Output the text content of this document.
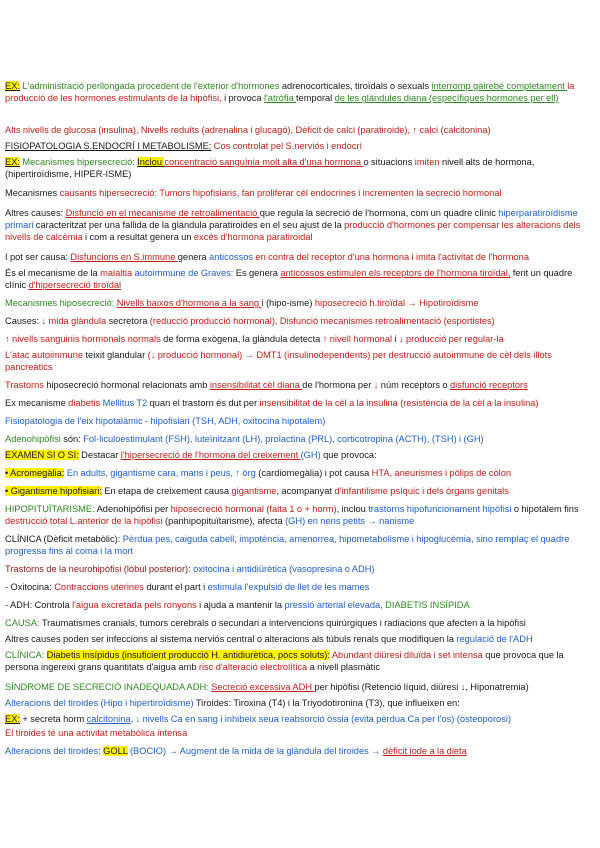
EX: L'administració perllongada procedent de l'exterior d'hormones adrenocorticales, tiroïdals o sexuals interromp gairebé completament la producció de les hormones estimulants de la hipòfisi, i provoca l'atròfia temporal de les glàndules diana (específiques hormones per ell)

Alts nivells de glucosa (insulina), Nivells reduïts (adrenalina i glucagó), Dèficit de calci (paratiroide), ↑ calci (calcitonina)

FISIOPATOLOGIA S.ENDOCRÍ I METABOLISME: Cos controlat pel S.nerviós i endocrí

EX: Mecanismes hipersecreció: Inclou concentració sanguínia molt alta d'una hormona o situacions imiten nivell alts de hormona, (hipertiroïdisme, HIPER-ISME)

Mecanismes causants hipersecreció: Tumors hipofisiaris, fan proliferar cèl endocrines i incrementen la secreció hormonal

Altres causes: Disfunció en el mecanisme de retroalimentació que regula la secreció de l'hormona, com un quadre clínic hiperparatiroïdisme primari caracteritzat per una fallida de la glàndula paratiroides en el seu ajust de la producció d'hormones per compensar les alteracions dels nivells de calcèmia i com a resultat genera un excés d'hormona paratiroidal

I pot ser causa: Disfuncions en S.immune genera anticossos en contra del receptor d'una hormona i imita l'activitat de l'hormona

És el mecanisme de la malaltia autoimmune de Graves: Es genera anticossos estimulen els receptors de l'hormona tiroïdal, fent un quadre clínic d'hipersecreció tiroïdal

Mecanismes hiposecreció: Nivells baixos d'hormona a la sang i (hipo-isme) hiposecreció h.tiroïdal → Hipotiroïdisme

Causes: ↓ mida glàndula secretora (reducció producció hormonal), Disfunció mecanismes retroalimentació (esportistes)

↑ nivells sanguinis hormonals normals de forma exògena, la glàndula detecta ↑ nivell hormonal i ↓ producció per regular-la

L'atac autoimmune teixit glandular (↓ producció hormonal) → DMT1 (insulinodependents) per destrucció autoimmune de cèl dels illots pancreàtics

Trastorns hiposecreció hormonal relacionats amb insensibilitat cèl diana de l'hormona per ↓ núm receptors o disfunció receptors

Ex mecanisme diabetis Mellitus T2 quan el trastorn és dut per insensibilitat de la cèl a la insulina (resistència de la cèl a la insulina)

Fisiopatologia de l'eix hipotalàmic - hipofisiari (TSH, ADH, oxitocina hipotalem)

Adenohipòfisi són: Fol·liculoestimulant (FSH), luteïnitzant (LH), prolactina (PRL), corticotropina (ACTH), (TSH) i (GH)

EXAMEN SI O SI: Destacar l'hipersecreció de l'hormona del creixement (GH) que provoca:

• Acromegàlia: En adults, gigantisme cara, mans i peus, ↑ òrg (cardiomegàlia) i pot causa HTA, aneurismes i pòlips de còlon

• Gigantisme hipofisiari: En etapa de creixement causa gigantisme, acompanyat d'infantilisme psíquic i dels òrgans genitals

HIPOPITUÏTARISME: Adenohipòfisi per hiposecreció hormonal (falta 1 o + horm), inclou trastorns hipofuncionament hipòfisi o hipotàlem fins destrucció total L.anterior de la hipòfisi (panhipopituïtarisme), afecta (GH) en nens petits → nanisme

CLÍNICA (Dèficit metabòlic): Pèrdua pes, caiguda cabell, impotència, amenorrea, hipometabolisme i hipoglucèmia, sino remplaç el quadre progressa fins al coma i la mort

Trastorns de la neurohipòfisi (lòbul posterior): oxitocina i antidiürètica (vasopresina o ADH)

- Oxitocina: Contraccions uterines durant el part i estimula l'expulsió de llet de les mames

- ADH: Controla l'aigua excretada pels ronyons i ajuda a mantenir la pressió arterial elevada, DIABETIS INSÍPIDA

CAUSA: Traumatismes cranials, tumors cerebrals o secundari a intervencions quirúrgiques i radiacions que afecten a la hipòfisi

Altres causes poden ser infeccions al sistema nerviós central o alteracions als túbuls renals que modifiquen la regulació de l'ADH

CLÍNICA: Diabetis insípidus (insuficient producció H. antidiurètica, pocs soluts): Abundant diüresi diluïda i set intensa que provoca que la persona ingereixi grans quantitats d'aigua amb risc d'alteració electrolítica a nivell plasmàtic

SÍNDROME DE SECRECIÓ INADEQUADA ADH: Secreció excessiva ADH per hipòfisi (Retenció líquid, diüresi ↓, Hiponatremia)

Alteracions del tiroides (Hipo i hipertiroïdisme) Tiroides: Tiroxina (T4) i la Triyodotironina (T3), que influeixen en:

EX: + secreta horm calcitonina, ↓ nivells Ca en sang i inhibeix seua reabsorció òssia (evita pèrdua Ca per l'os) (osteoporosi)

El tiroides té una activitat metabòlica intensa

Alteracions del tiroides: GOLL (BOCIO) → Augment de la mida de la glàndula del tiroides → dèficit iode a la dieta
